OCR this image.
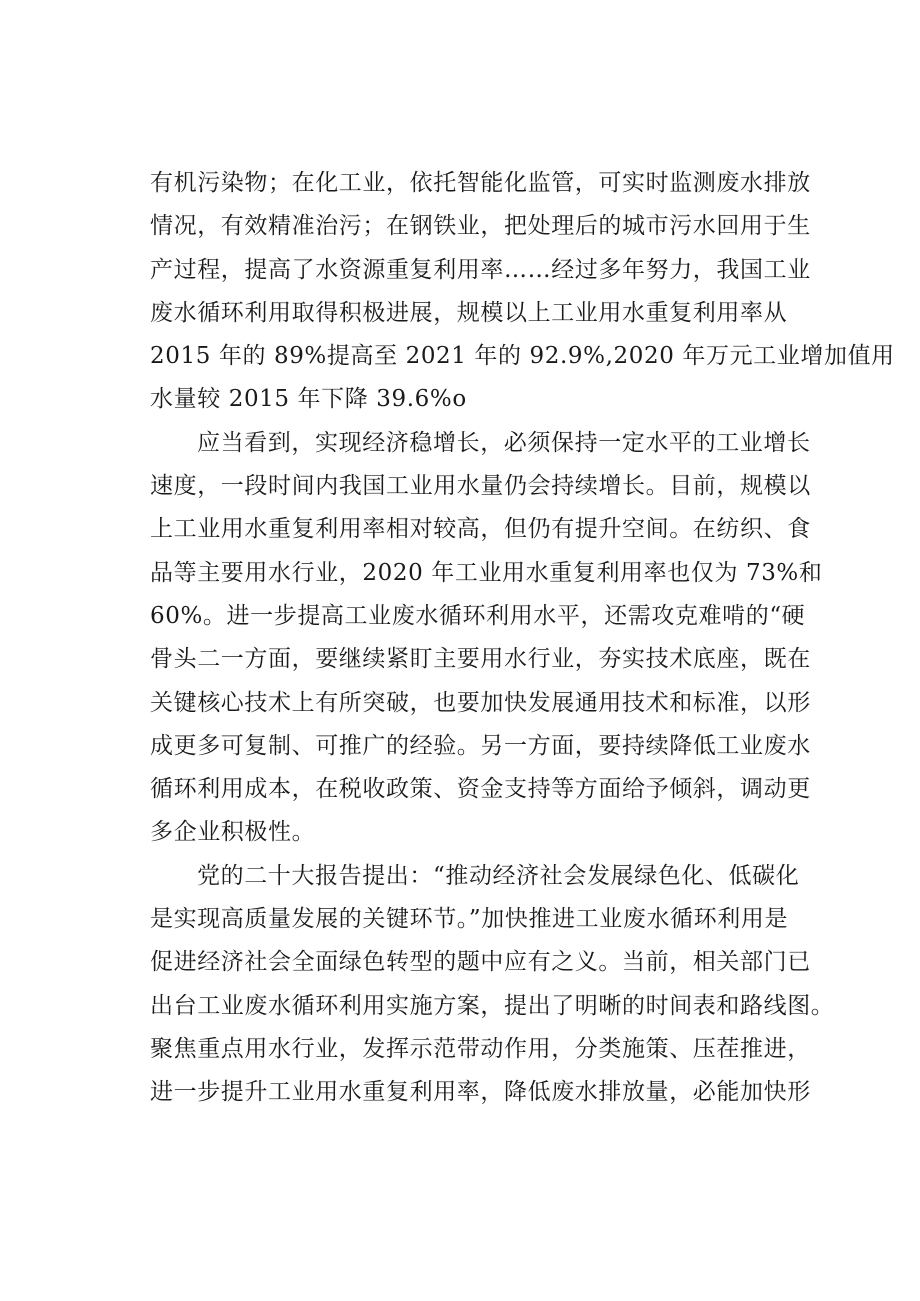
有机污染物；在化工业，依托智能化监管，可实时监测废水排放
情况，有效精准治污；在钢铁业，把处理后的城市污水回用于生
产过程，提高了水资源重复利用率……经过多年努力，我国工业
废水循环利用取得积极进展，规模以上工业用水重复利用率从
2015 年的 89%提高至 2021 年的 92.9%,2020 年万元工业增加值用
水量较 2015 年下降 39.6%o
应当看到，实现经济稳增长，必须保持一定水平的工业增长
速度，一段时间内我国工业用水量仍会持续增长。目前，规模以
上工业用水重复利用率相对较高，但仍有提升空间。在纺织、食
品等主要用水行业，2020 年工业用水重复利用率也仅为 73%和
60%。进一步提高工业废水循环利用水平，还需攻克难啃的“硬
骨头二一方面，要继续紧盯主要用水行业，夯实技术底座，既在
关键核心技术上有所突破，也要加快发展通用技术和标准，以形
成更多可复制、可推广的经验。另一方面，要持续降低工业废水
循环利用成本，在税收政策、资金支持等方面给予倾斜，调动更
多企业积极性。
党的二十大报告提出：“推动经济社会发展绿色化、低碳化
是实现高质量发展的关键环节。”加快推进工业废水循环利用是
促进经济社会全面绿色转型的题中应有之义。当前，相关部门已
出台工业废水循环利用实施方案，提出了明晰的时间表和路线图。
聚焦重点用水行业，发挥示范带动作用，分类施策、压茬推进，
进一步提升工业用水重复利用率，降低废水排放量，必能加快形
